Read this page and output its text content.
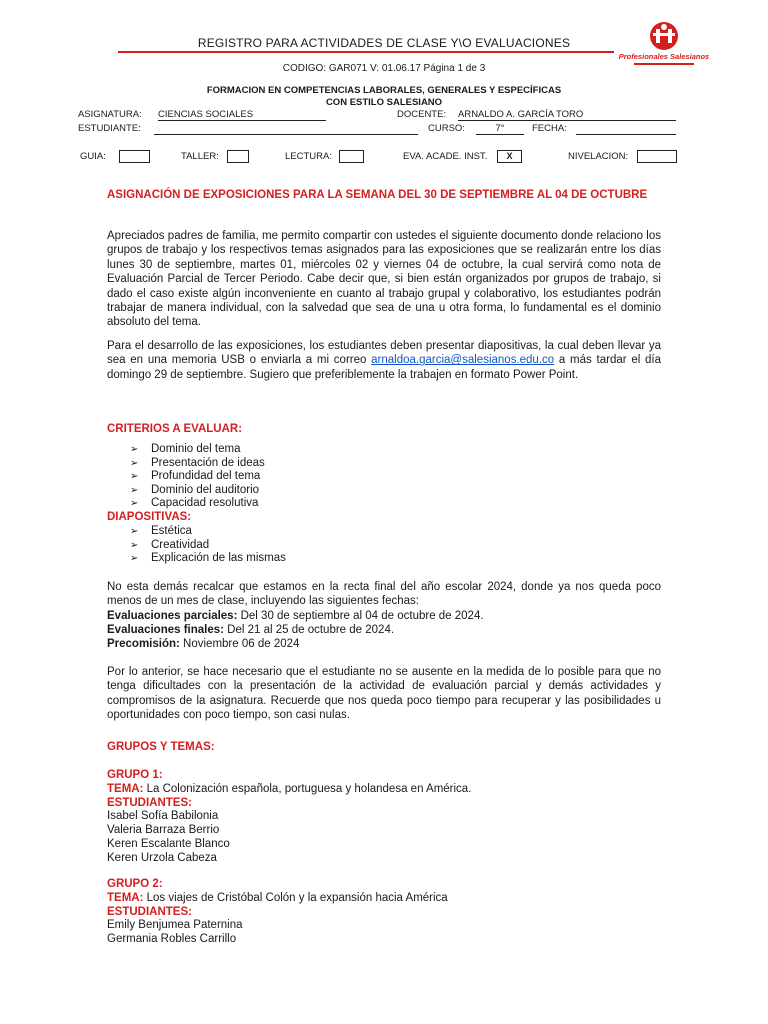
REGISTRO PARA ACTIVIDADES DE CLASE Y\O EVALUACIONES
Profesionales Salesianos
CODIGO: GAR071 V: 01.06.17 Página 1 de 3
FORMACION EN COMPETENCIAS LABORALES, GENERALES Y ESPECÍFICAS
CON ESTILO SALESIANO
ASIGNATURA: CIENCIAS SOCIALES	DOCENTE: ARNALDO A. GARCÍA TORO
ESTUDIANTE:	CURSO:	7°	FECHA:
GUIA:	TALLER:	LECTURA:	EVA. ACADE. INST.	X	NIVELACION:
ASIGNACIÓN DE EXPOSICIONES PARA LA SEMANA DEL 30 DE SEPTIEMBRE AL 04 DE OCTUBRE

Apreciados padres de familia, me permito compartir con ustedes el siguiente documento donde relaciono los grupos de trabajo y los respectivos temas asignados para las exposiciones que se realizarán entre los días lunes 30 de septiembre, martes 01, miércoles 02 y viernes 04 de octubre, la cual servirá como nota de Evaluación Parcial de Tercer Periodo. Cabe decir que, si bien están organizados por grupos de trabajo, si dado el caso existe algún inconveniente en cuanto al trabajo grupal y colaborativo, los estudiantes podrán trabajar de manera individual, con la salvedad que sea de una u otra forma, lo fundamental es el dominio absoluto del tema.

Para el desarrollo de las exposiciones, los estudiantes deben presentar diapositivas, la cual deben llevar ya sea en una memoria USB o enviarla a mi correo arnaldoa.garcia@salesianos.edu.co a más tardar el día domingo 29 de septiembre. Sugiero que preferiblemente la trabajen en formato Power Point.

CRITERIOS A EVALUAR:
➢	Dominio del tema
➢	Presentación de ideas
➢	Profundidad del tema
➢	Dominio del auditorio
➢	Capacidad resolutiva
DIAPOSITIVAS:
➢	Estética
➢	Creatividad
➢	Explicación de las mismas

No esta demás recalcar que estamos en la recta final del año escolar 2024, donde ya nos queda poco menos de un mes de clase, incluyendo las siguientes fechas:

Evaluaciones parciales: Del 30 de septiembre al 04 de octubre de 2024.
Evaluaciones finales: Del 21 al 25 de octubre de 2024.
Precomisión: Noviembre 06 de 2024

Por lo anterior, se hace necesario que el estudiante no se ausente en la medida de lo posible para que no tenga dificultades con la presentación de la actividad de evaluación parcial y demás actividades y compromisos de la asignatura. Recuerde que nos queda poco tiempo para recuperar y las posibilidades u oportunidades con poco tiempo, son casi nulas.

GRUPOS Y TEMAS:
GRUPO 1:
TEMA: La Colonización española, portuguesa y holandesa en América.
ESTUDIANTES:
Isabel Sofía Babilonia
Valeria Barraza Berrio
Keren Escalante Blanco
Keren Urzola Cabeza
GRUPO 2:
TEMA: Los viajes de Cristóbal Colón y la expansión hacia América
ESTUDIANTES:
Emily Benjumea Paternina
Germania Robles Carrillo
